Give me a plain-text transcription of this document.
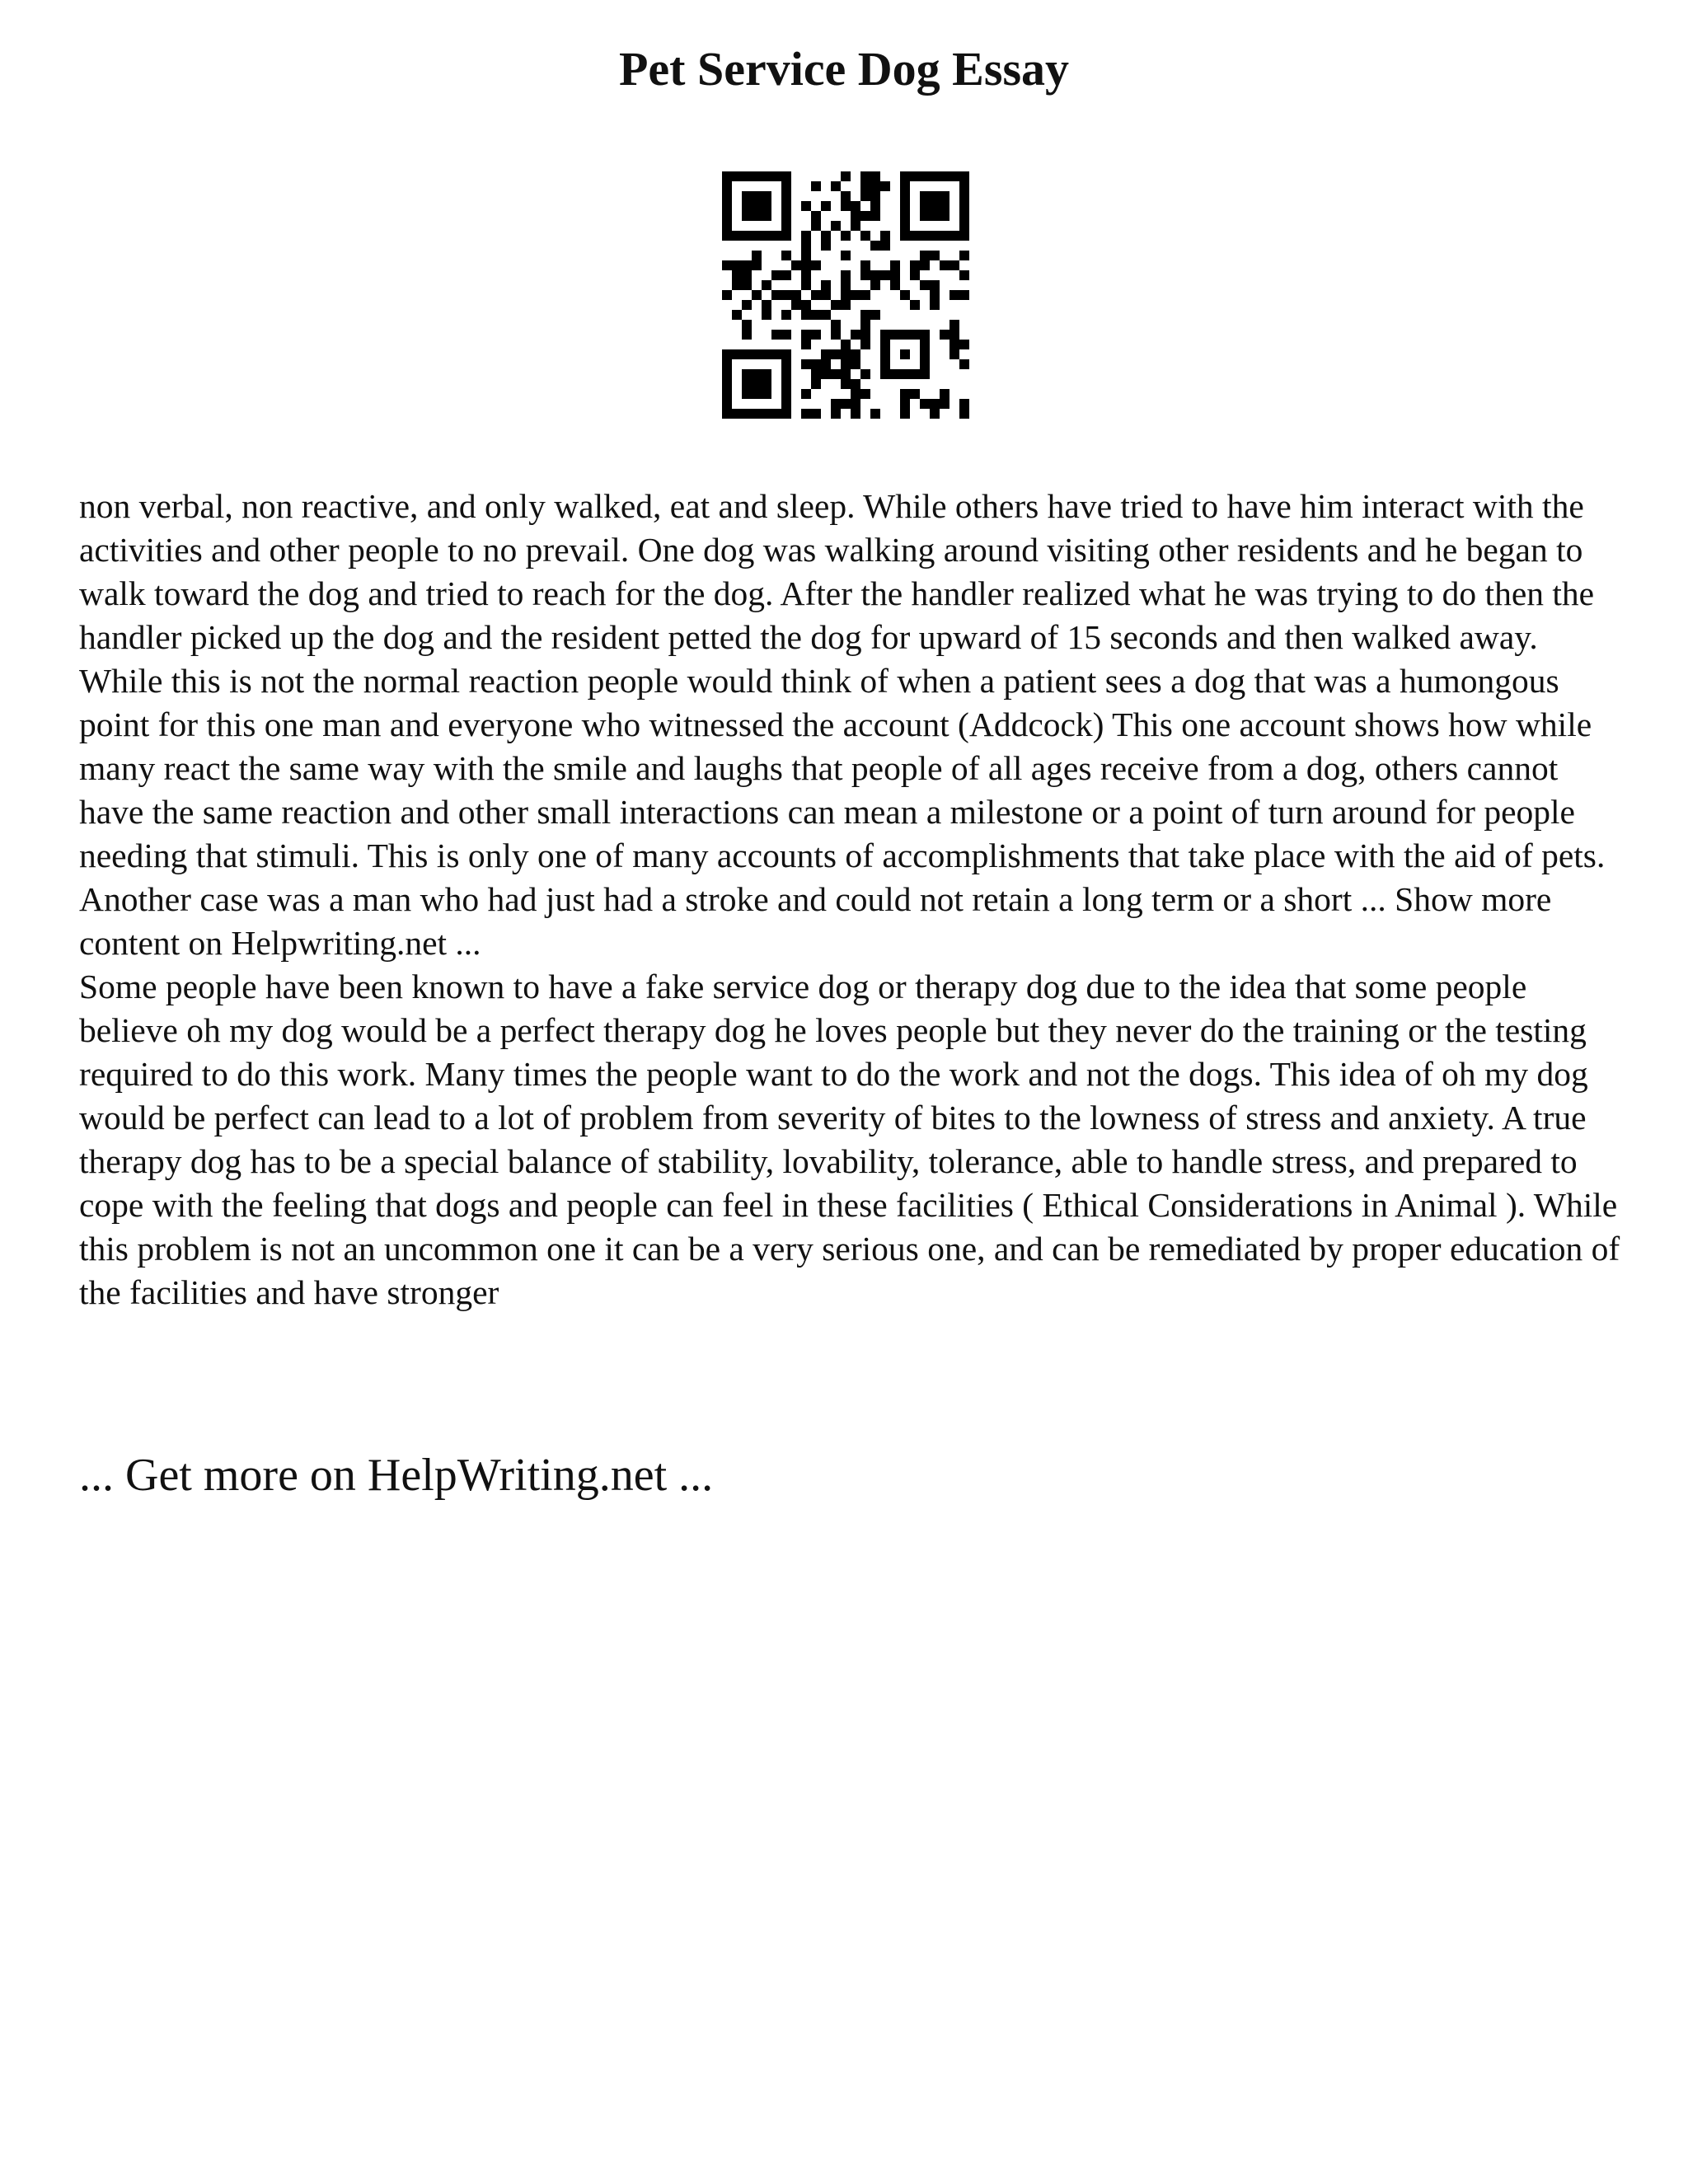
Pet Service Dog Essay

non verbal, non reactive, and only walked, eat and sleep. While others have tried to have him interact with the activities and other people to no prevail. One dog was walking around visiting other residents and he began to walk toward the dog and tried to reach for the dog. After the handler realized what he was trying to do then the handler picked up the dog and the resident petted the dog for upward of 15 seconds and then walked away. While this is not the normal reaction people would think of when a patient sees a dog that was a humongous point for this one man and everyone who witnessed the account (Addcock) This one account shows how while many react the same way with the smile and laughs that people of all ages receive from a dog, others cannot have the same reaction and other small interactions can mean a milestone or a point of turn around for people needing that stimuli. This is only one of many accounts of accomplishments that take place with the aid of pets. Another case was a man who had just had a stroke and could not retain a long term or a short ... Show more content on Helpwriting.net ...

Some people have been known to have a fake service dog or therapy dog due to the idea that some people believe oh my dog would be a perfect therapy dog he loves people but they never do the training or the testing required to do this work. Many times the people want to do the work and not the dogs. This idea of oh my dog would be perfect can lead to a lot of problem from severity of bites to the lowness of stress and anxiety. A true therapy dog has to be a special balance of stability, lovability, tolerance, able to handle stress, and prepared to cope with the feeling that dogs and people can feel in these facilities ( Ethical Considerations in Animal ). While this problem is not an uncommon one it can be a very serious one, and can be remediated by proper education of the facilities and have stronger

... Get more on HelpWriting.net ...
